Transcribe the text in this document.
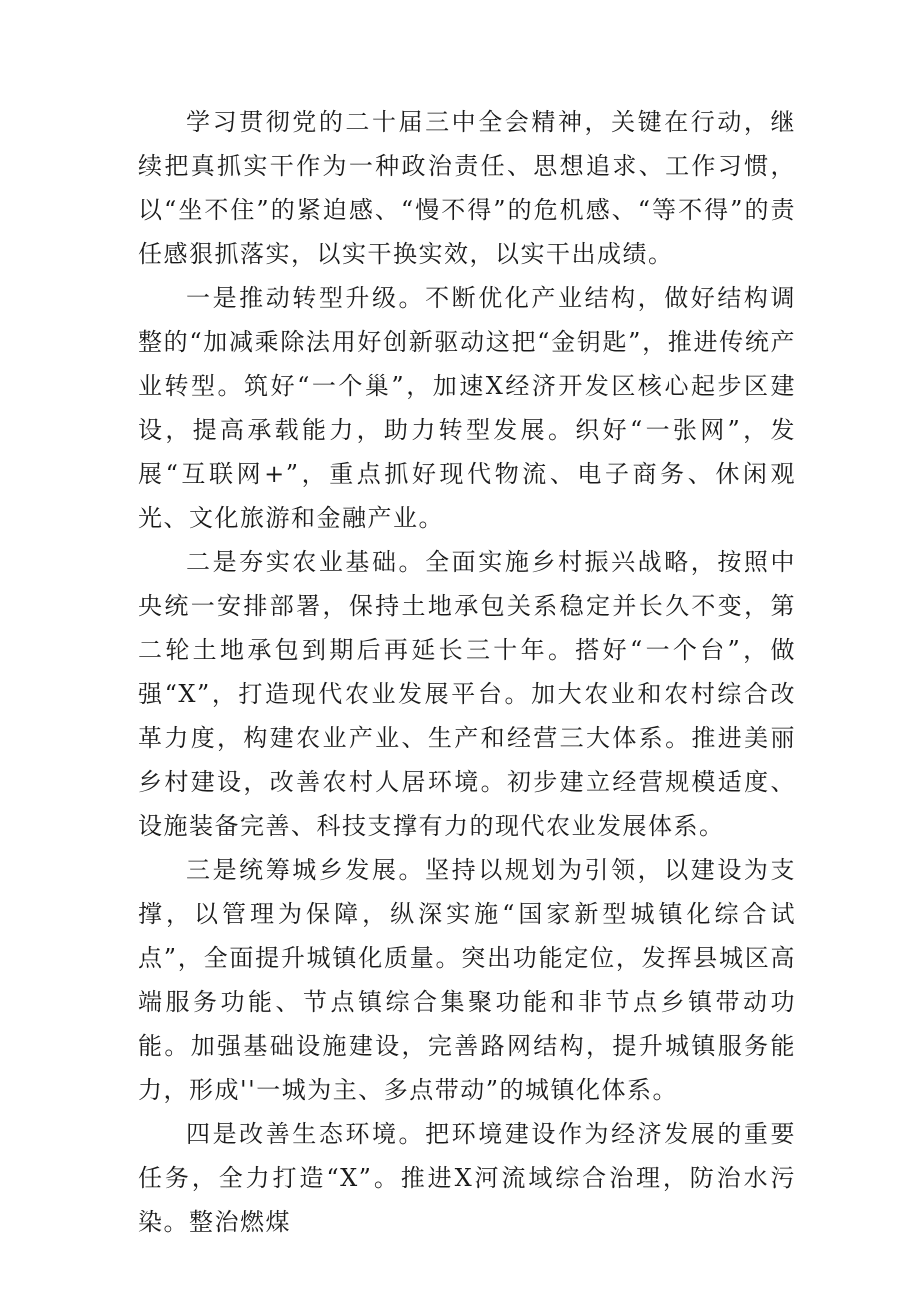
学习贯彻党的二十届三中全会精神，关键在行动，继续把真抓实干作为一种政治责任、思想追求、工作习惯，以“坐不住”的紧迫感、“慢不得”的危机感、“等不得”的责任感狠抓落实，以实干换实效，以实干出成绩。

一是推动转型升级。不断优化产业结构，做好结构调整的“加减乘除法用好创新驱动这把“金钥匙”，推进传统产业转型。筑好“一个巢”，加速X经济开发区核心起步区建设，提高承载能力，助力转型发展。织好“一张网”，发展“互联网+”，重点抓好现代物流、电子商务、休闲观光、文化旅游和金融产业。

二是夯实农业基础。全面实施乡村振兴战略，按照中央统一安排部署，保持土地承包关系稳定并长久不变，第二轮土地承包到期后再延长三十年。搭好“一个台”，做强“X”，打造现代农业发展平台。加大农业和农村综合改革力度，构建农业产业、生产和经营三大体系。推进美丽乡村建设，改善农村人居环境。初步建立经营规模适度、设施装备完善、科技支撑有力的现代农业发展体系。

三是统筹城乡发展。坚持以规划为引领，以建设为支撑，以管理为保障，纵深实施“国家新型城镇化综合试点”，全面提升城镇化质量。突出功能定位，发挥县城区高端服务功能、节点镇综合集聚功能和非节点乡镇带动功能。加强基础设施建设，完善路网结构，提升城镇服务能力，形成''一城为主、多点带动”的城镇化体系。

四是改善生态环境。把环境建设作为经济发展的重要任务，全力打造“X”。推进X河流域综合治理，防治水污染。整治燃煤
